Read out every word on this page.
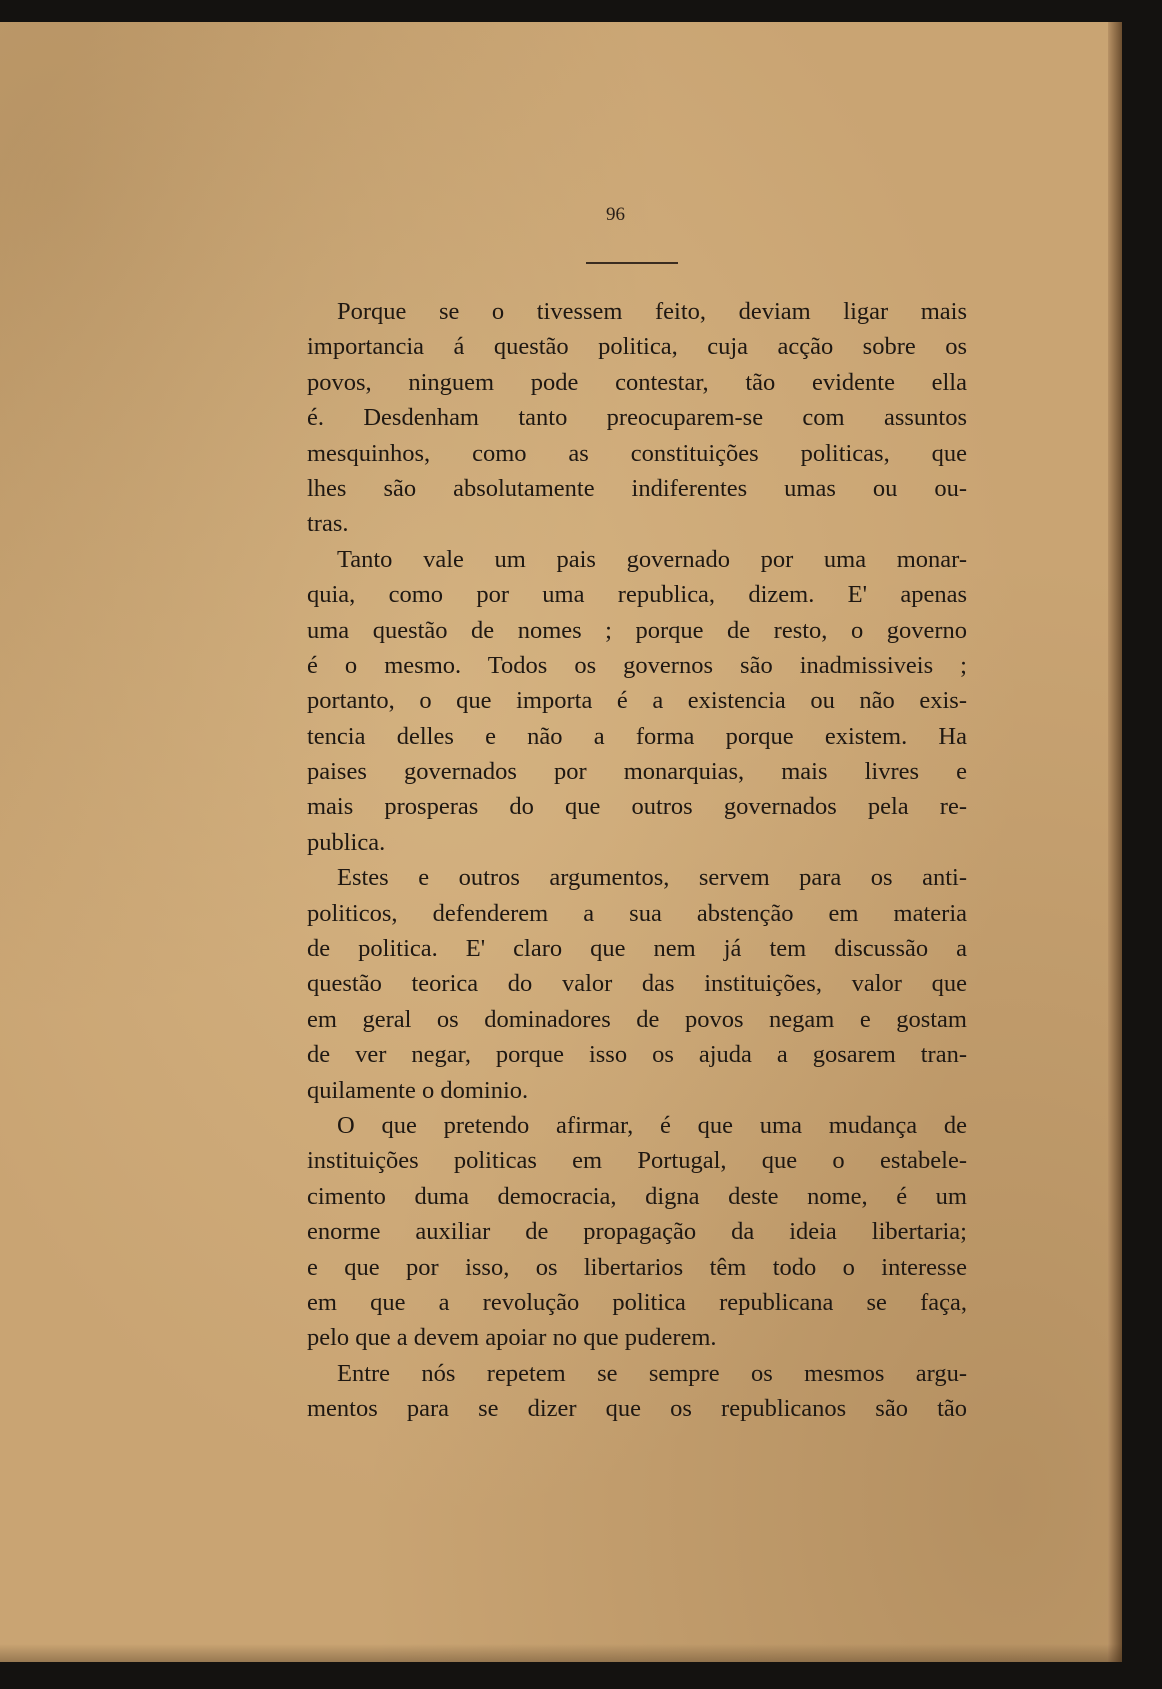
96
Porque se o tivessem feito, deviam ligar mais
importancia á questão politica, cuja acção sobre os
povos, ninguem pode contestar, tão evidente ella
é. Desdenham tanto preocuparem-se com assuntos
mesquinhos, como as constituições politicas, que
lhes são absolutamente indiferentes umas ou ou-
tras.
Tanto vale um pais governado por uma monar-
quia, como por uma republica, dizem. E' apenas
uma questão de nomes ; porque de resto, o governo
é o mesmo. Todos os governos são inadmissiveis ;
portanto, o que importa é a existencia ou não exis-
tencia delles e não a forma porque existem. Ha
paises governados por monarquias, mais livres e
mais prosperas do que outros governados pela re-
publica.
Estes e outros argumentos, servem para os anti-
politicos, defenderem a sua abstenção em materia
de politica. E' claro que nem já tem discussão a
questão teorica do valor das instituições, valor que
em geral os dominadores de povos negam e gostam
de ver negar, porque isso os ajuda a gosarem tran-
quilamente o dominio.
O que pretendo afirmar, é que uma mudança de
instituições politicas em Portugal, que o estabele-
cimento duma democracia, digna deste nome, é um
enorme auxiliar de propagação da ideia libertaria;
e que por isso, os libertarios têm todo o interesse
em que a revolução politica republicana se faça,
pelo que a devem apoiar no que puderem.
Entre nós repetem se sempre os mesmos argu-
mentos para se dizer que os republicanos são tão
